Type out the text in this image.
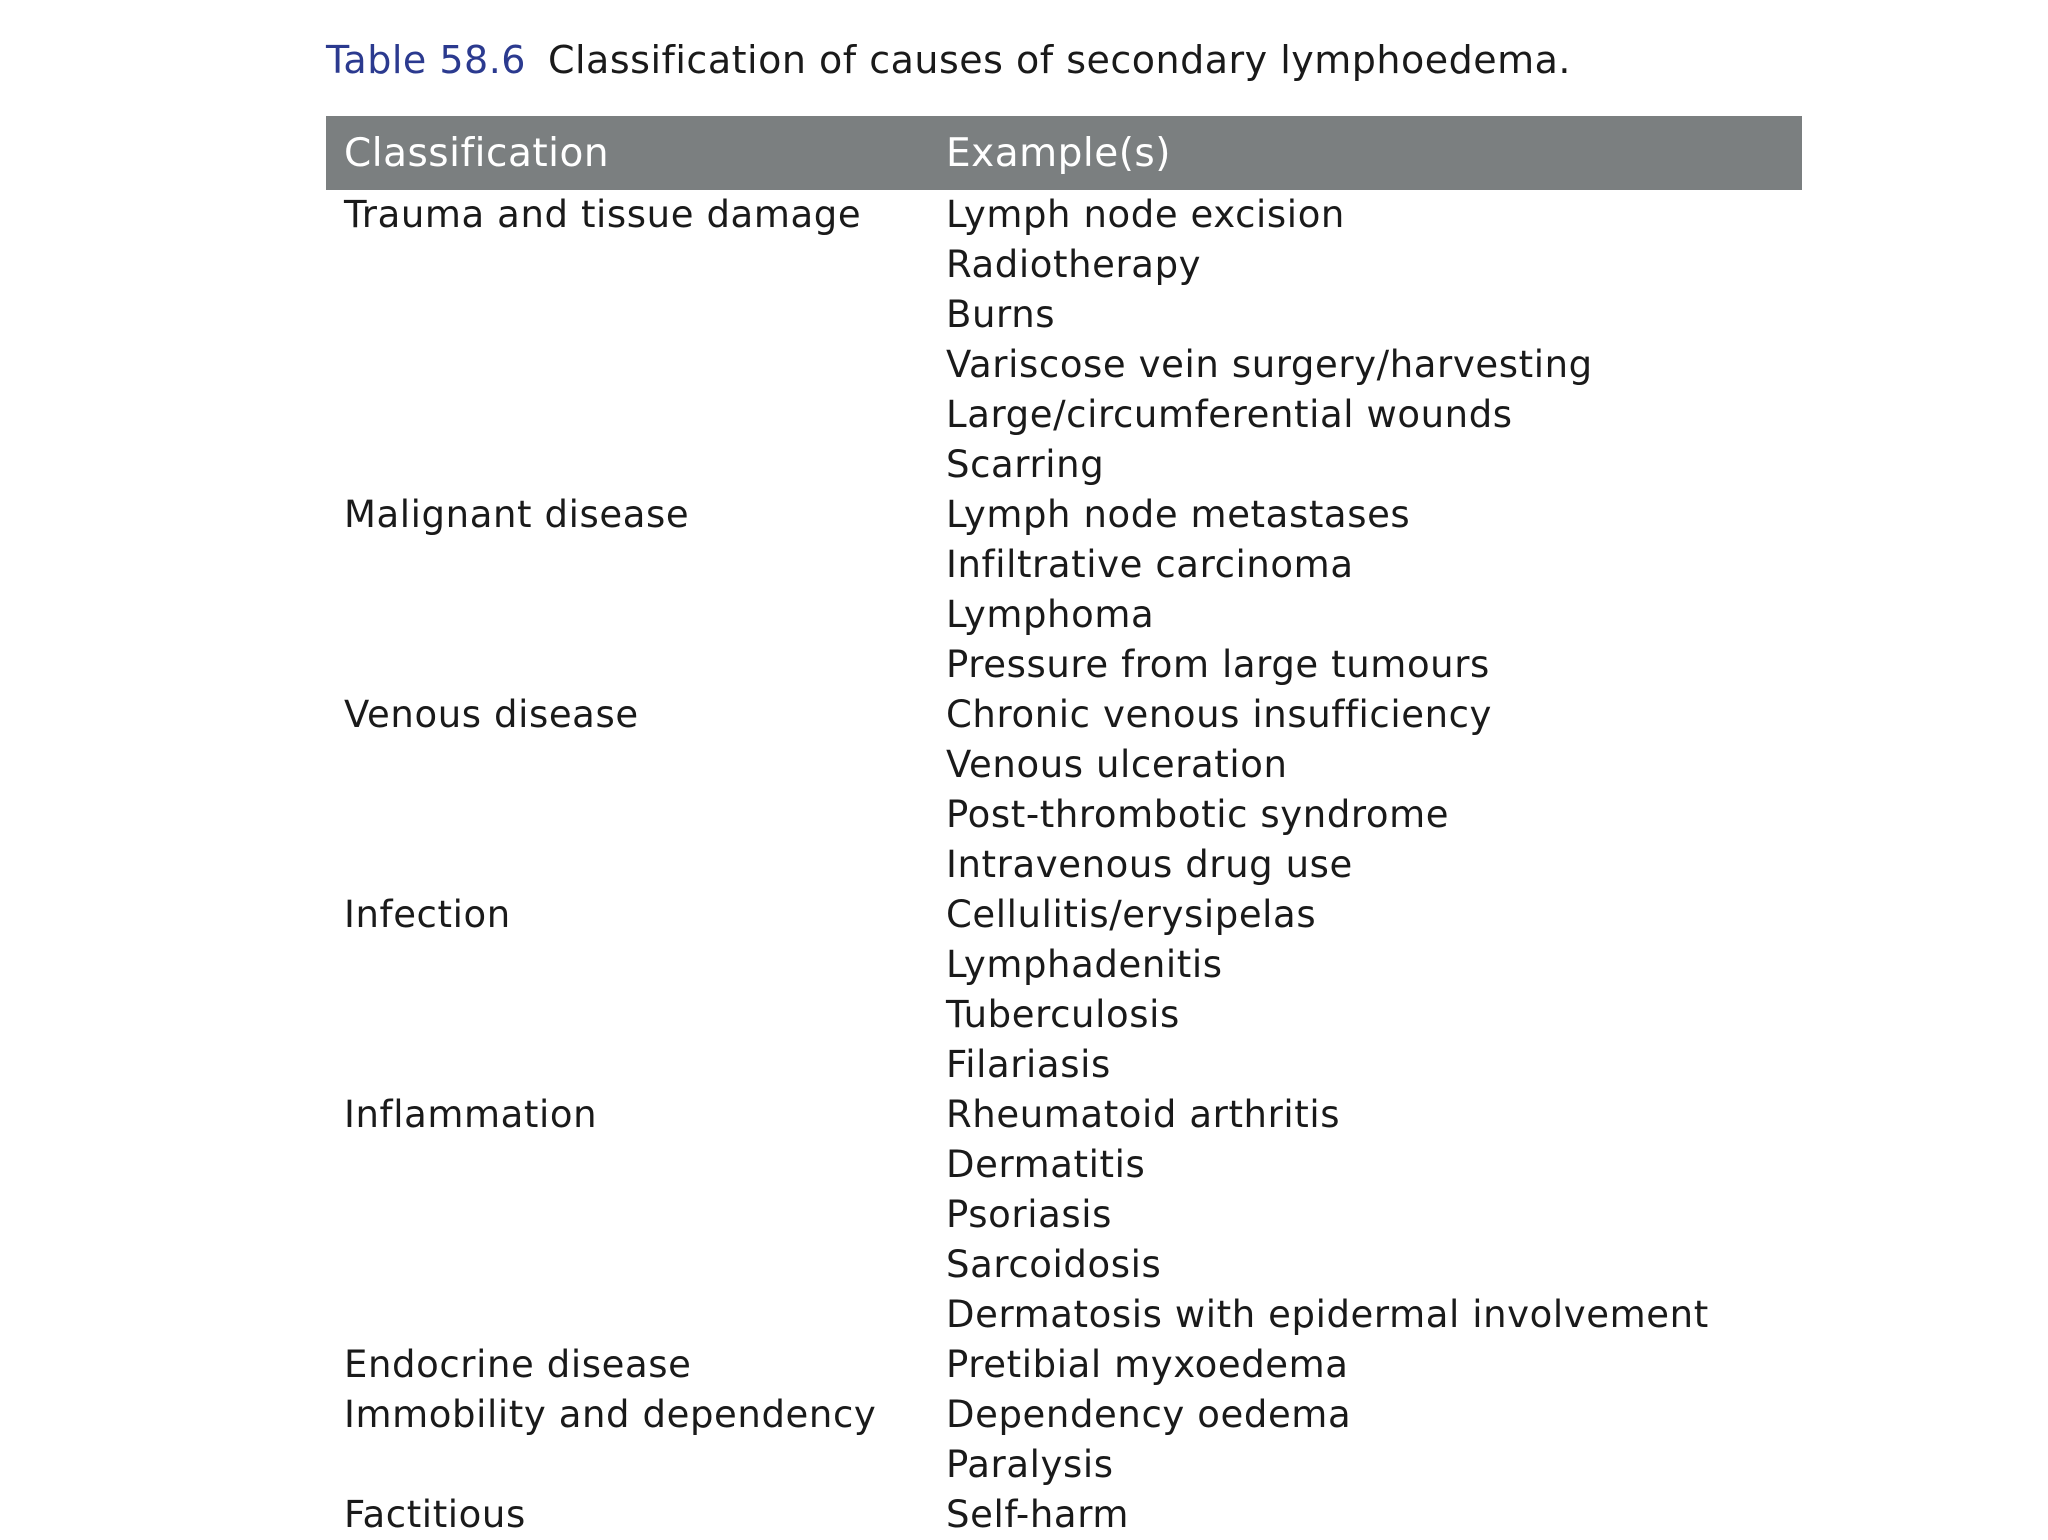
Table 58.6 Classification of causes of secondary lymphoedema.
Classification	Example(s)
Trauma and tissue damage	Lymph node excision
Radiotherapy
Burns
Variscose vein surgery/harvesting
Large/circumferential wounds
Scarring
Malignant disease	Lymph node metastases
Infiltrative carcinoma
Lymphoma
Pressure from large tumours
Venous disease	Chronic venous insufficiency
Venous ulceration
Post-thrombotic syndrome
Intravenous drug use
Infection	Cellulitis/erysipelas
Lymphadenitis
Tuberculosis
Filariasis
Inflammation	Rheumatoid arthritis
Dermatitis
Psoriasis
Sarcoidosis
Dermatosis with epidermal involvement
Endocrine disease	Pretibial myxoedema
Immobility and dependency	Dependency oedema
Paralysis
Factitious	Self-harm
